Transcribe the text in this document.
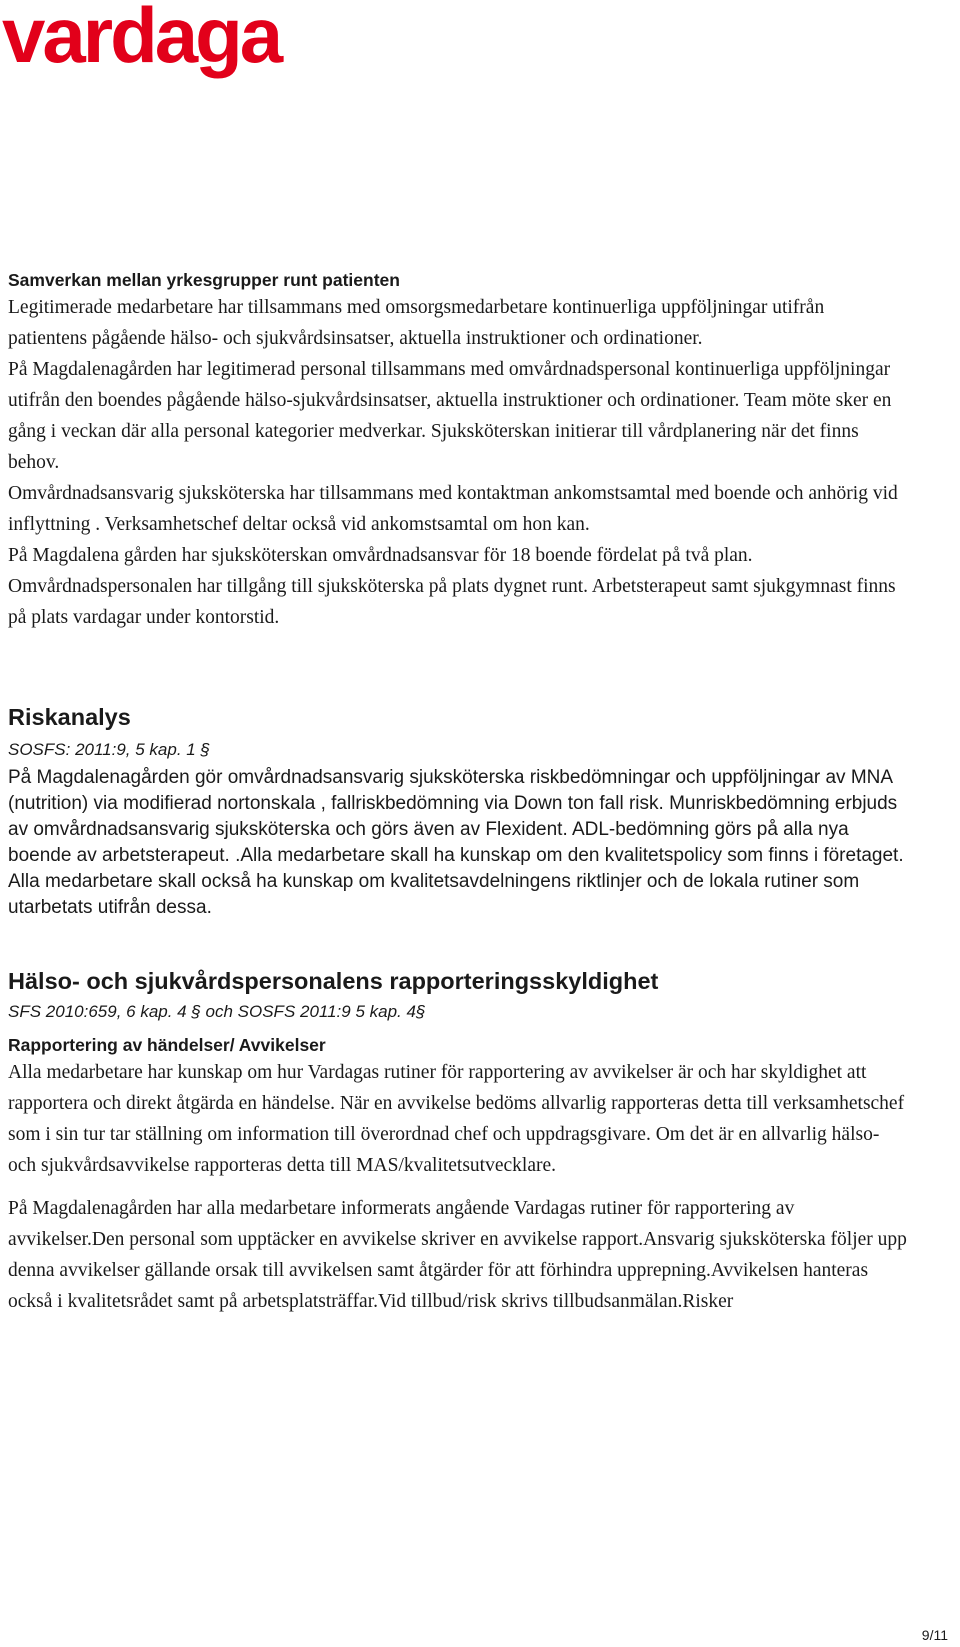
vardaga
Samverkan mellan yrkesgrupper runt patienten

Legitimerade medarbetare har tillsammans med omsorgsmedarbetare kontinuerliga uppföljningar utifrån patientens pågående hälso- och sjukvårdsinsatser, aktuella instruktioner och ordinationer.

På Magdalenagården har legitimerad personal tillsammans med omvårdnadspersonal kontinuerliga uppföljningar utifrån den boendes pågående hälso-sjukvårdsinsatser, aktuella instruktioner och ordinationer. Team möte sker en gång i veckan där alla personal kategorier medverkar. Sjuksköterskan initierar till vårdplanering när det finns behov.

Omvårdnadsansvarig sjuksköterska har tillsammans med kontaktman ankomstsamtal med boende och anhörig vid inflyttning . Verksamhetschef deltar också vid ankomstsamtal om hon kan.

På Magdalena gården har sjuksköterskan omvårdnadsansvar för 18 boende fördelat på två plan. Omvårdnadspersonalen har tillgång till sjuksköterska på plats dygnet runt. Arbetsterapeut samt sjukgymnast finns på plats vardagar under kontorstid.

Riskanalys

SOSFS: 2011:9, 5 kap. 1 §

På Magdalenagården gör omvårdnadsansvarig sjuksköterska riskbedömningar och uppföljningar av MNA (nutrition) via modifierad nortonskala , fallriskbedömning via Down ton fall risk. Munriskbedömning erbjuds av omvårdnadsansvarig sjuksköterska och görs även av Flexident. ADL-bedömning görs på alla nya boende av arbetsterapeut. .Alla medarbetare skall ha kunskap om den kvalitetspolicy som finns i företaget. Alla medarbetare skall också ha kunskap om kvalitetsavdelningens riktlinjer och de lokala rutiner som utarbetats utifrån dessa.

Hälso- och sjukvårdspersonalens rapporteringsskyldighet

SFS 2010:659, 6 kap. 4 § och SOSFS 2011:9 5 kap. 4§

Rapportering av händelser/ Avvikelser

Alla medarbetare har kunskap om hur Vardagas rutiner för rapportering av avvikelser är och har skyldighet att rapportera och direkt åtgärda en händelse. När en avvikelse bedöms allvarlig rapporteras detta till verksamhetschef som i sin tur tar ställning om information till överordnad chef och uppdragsgivare. Om det är en allvarlig hälso- och sjukvårdsavvikelse rapporteras detta till MAS/kvalitetsutvecklare.

På Magdalenagården har alla medarbetare informerats angående Vardagas rutiner för rapportering av avvikelser.Den personal som upptäcker en avvikelse skriver en avvikelse rapport.Ansvarig sjuksköterska följer upp denna avvikelser gällande orsak till avvikelsen samt åtgärder för att förhindra upprepning.Avvikelsen hanteras också i kvalitetsrådet samt på arbetsplatsträffar.Vid tillbud/risk skrivs tillbudsanmälan.Risker

9/11
